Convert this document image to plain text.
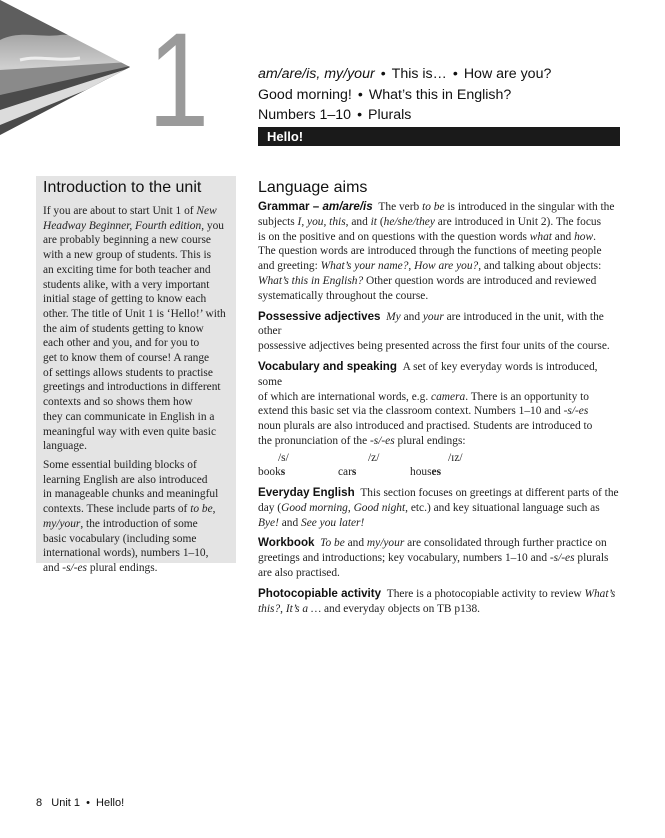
1	am/are/is, my/your • This is… • How are you?
Good morning! • What’s this in English?
Numbers 1–10 • Plurals
Hello!
Introduction to the unit
If you are about to start Unit 1 of New
Headway Beginner, Fourth edition, you
are probably beginning a new course
with a new group of students. This is
an exciting time for both teacher and
students alike, with a very important
initial stage of getting to know each
other. The title of Unit 1 is ‘Hello!’ with
the aim of students getting to know
each other and you, and for you to
get to know them of course! A range
of settings allows students to practise
greetings and introductions in different
contexts and so shows them how
they can communicate in English in a
meaningful way with even quite basic
language.
Some essential building blocks of
learning English are also introduced
in manageable chunks and meaningful
contexts. These include parts of to be,
my/your, the introduction of some
basic vocabulary (including some
international words), numbers 1–10,
and -s/-es plural endings.
Language aims
Grammar – am/are/is  The verb to be is introduced in the singular with the
subjects I, you, this, and it (he/she/they are introduced in Unit 2). The focus
is on the positive and on questions with the question words what and how.
The question words are introduced through the functions of meeting people
and greeting: What’s your name?, How are you?, and talking about objects:
What’s this in English? Other question words are introduced and reviewed
systematically throughout the course.
Possessive adjectives My and your are introduced in the unit, with the other
possessive adjectives being presented across the first four units of the course.
Vocabulary and speaking  A set of key everyday words is introduced, some
of which are international words, e.g. camera. There is an opportunity to
extend this basic set via the classroom context. Numbers 1–10 and -s/-es
noun plurals are also introduced and practised. Students are introduced to
the pronunciation of the -s/-es plural endings:
/s/	/z/	/ɪz/
books	cars	houses
Everyday English  This section focuses on greetings at different parts of the
day (Good morning, Good night, etc.) and key situational language such as
Bye! and See you later!
Workbook To be and my/your are consolidated through further practice on
greetings and introductions; key vocabulary, numbers 1–10 and -s/-es plurals
are also practised.
Photocopiable activity  There is a photocopiable activity to review What’s
this?, It’s a … and everyday objects on TB p138.
8 Unit 1 • Hello!
